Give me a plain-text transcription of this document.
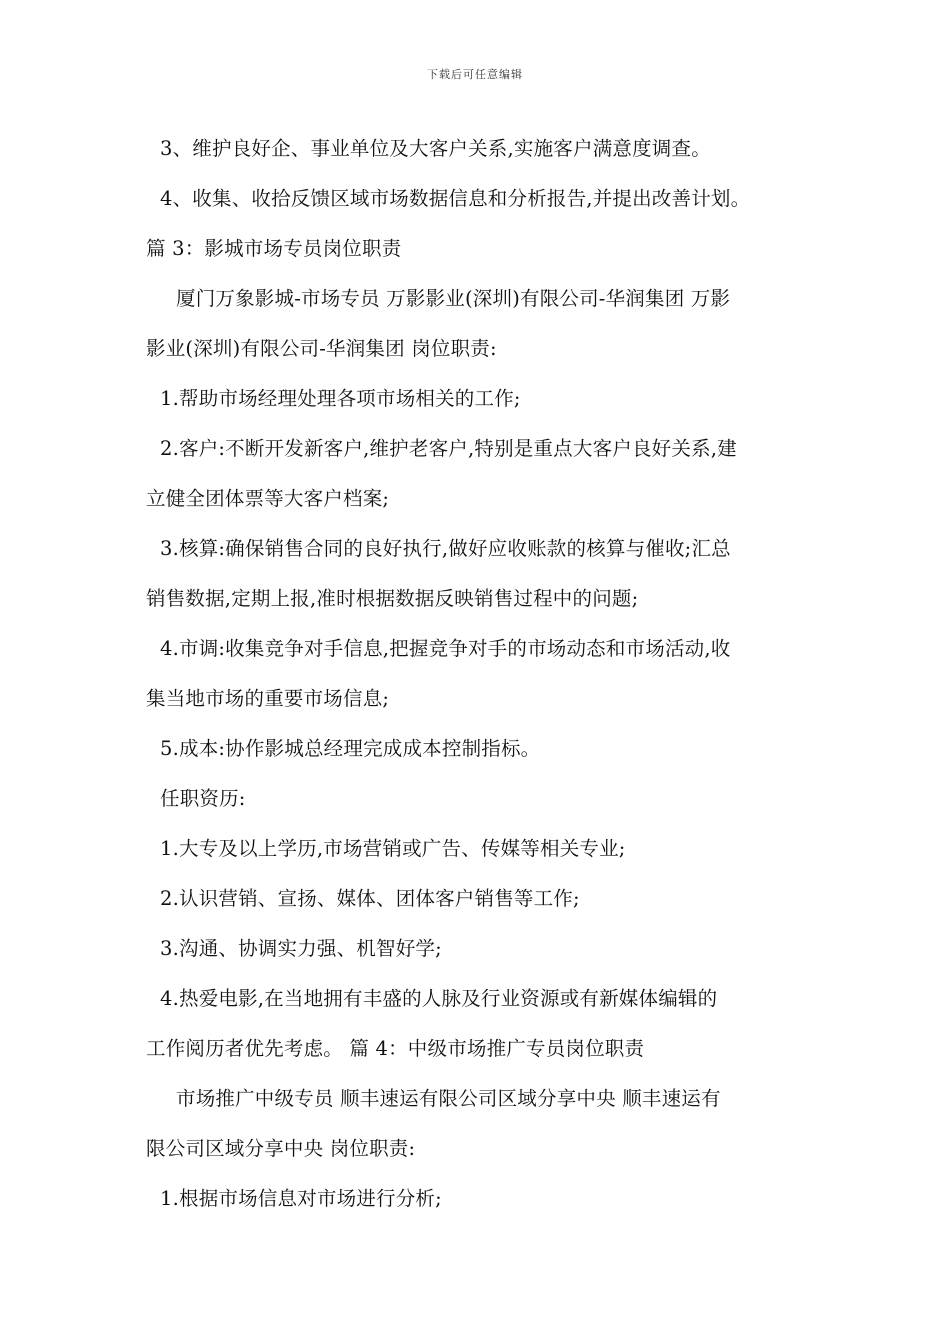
下载后可任意编辑
3、维护良好企、事业单位及大客户关系,实施客户满意度调查。
4、收集、收拾反馈区域市场数据信息和分析报告,并提出改善计划。
篇 3：影城市场专员岗位职责
厦门万象影城-市场专员 万影影业(深圳)有限公司-华润集团 万影
影业(深圳)有限公司-华润集团 岗位职责:
1.帮助市场经理处理各项市场相关的工作;
2.客户:不断开发新客户,维护老客户,特别是重点大客户良好关系,建
立健全团体票等大客户档案;
3.核算:确保销售合同的良好执行,做好应收账款的核算与催收;汇总
销售数据,定期上报,准时根据数据反映销售过程中的问题;
4.市调:收集竞争对手信息,把握竞争对手的市场动态和市场活动,收
集当地市场的重要市场信息;
5.成本:协作影城总经理完成成本控制指标。
任职资历:
1.大专及以上学历,市场营销或广告、传媒等相关专业;
2.认识营销、宣扬、媒体、团体客户销售等工作;
3.沟通、协调实力强、机智好学;
4.热爱电影,在当地拥有丰盛的人脉及行业资源或有新媒体编辑的
工作阅历者优先考虑。 篇 4：中级市场推广专员岗位职责
市场推广中级专员 顺丰速运有限公司区域分享中央 顺丰速运有
限公司区域分享中央 岗位职责:
1.根据市场信息对市场进行分析;
